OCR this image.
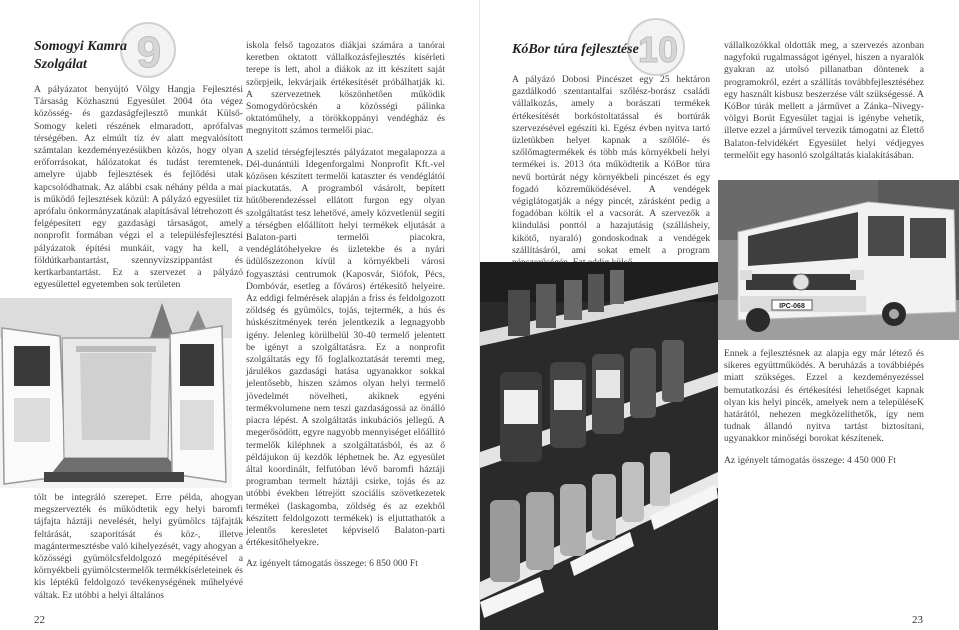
9
Somogyi Kamra
Szolgálat

A pályázatot benyújtó Völgy Hangja Fejlesztési Társaság Közhasznú Egyesület 2004 óta végez közösség- és gazdaságfejlesztő munkát Külső-Somogy keleti részének elmaradott, aprófalvas térségében. Az elmúlt tíz év alatt megvalósított számtalan kezdeményezésükben közös, hogy olyan erőforrásokat, hálózatokat és tudást teremtenek, amelyre újabb fejlesztések és fejlődési utak kapcsolódhatnak. Az alábbi csak néhány példa a mai is működő fejlesztések közül: A pályázó egyesület tíz aprófalu önkormányzatának alapításával létrehozott és felgépesített egy gazdasági társaságot, amely nonprofit formában végzi el a településfejlesztési pályázatok építési munkáit, vagy ha kell, a földútkarbantartást, szennyvízszippantást és kertkarbantartást. Ez a szervezet a pályázó egyesülettel egyetemben sok területen

tölt be integráló szerepet. Erre példa, ahogyan megszervezték és működtetik egy helyi baromfi tájfajta háztáji nevelését, helyi gyümölcs tájfajták feltárását, szaporítását és köz-, illetve magántermesztésbe való kihelyezését, vagy ahogyan a közösségi gyümölcsfeldolgozó megépítésével a környékbeli gyümölcstermelők termékkísérleteinek és kis léptékű feldolgozó tevékenységének műhelyévé váltak. Ez utóbbi a helyi általános

iskola felső tagozatos diákjai számára a tanórai keretben oktatott vállalkozásfejlesztés kísérleti terepe is lett, ahol a diákok az itt készített saját szörpjeik, lekvárjaik értékesítését próbálhatják ki. A szervezetnek köszönhetően működik Somogydöröcskén a közösségi pálinka oktatóműhely, a törökkoppányi vendégház és megnyitott számos termelői piac.

A szelíd térségfejlesztés pályázatot megalapozza a Dél-dunántúli Idegenforgalmi Nonprofit Kft.-vel közösen készített termelői kataszter és vendéglátói piackutatás. A programból vásárolt, bepített hűtőberendezéssel ellátott furgon egy olyan szolgáltatást tesz lehetővé, amely közvetlenül segíti a térségben előállított helyi termékek eljutását a Balaton-parti termelői piacokra, vendéglátóhelyekre és üzletekbe és a nyári üdülőszezonon kívül a környékbeli városi fogyasztási centrumok (Kaposvár, Siófok, Pécs, Dombóvár, esetleg a főváros) értékesítő helyeire. Az eddigi felmérések alapján a friss és feldolgozott zöldség és gyümölcs, tojás, tejtermék, a hús és húskészítmények terén jelentkezik a legnagyobb igény. Jelenleg körülbelül 30-40 termelő jelentett be igényt a szolgáltatásra. Ez a nonprofit szolgáltatás egy fő foglalkoztatását teremti meg, járulékos gazdasági hatása ugyanakkor sokkal jelentősebb, hiszen számos olyan helyi termelő jövedelmét növelheti, akiknek egyéni termékvolumene nem teszi gazdaságossá az önálló piacra lépést. A szolgáltatás inkubációs jellegű. A megerősödött, egyre nagyobb mennyiséget előállító termelők kiléphnek a szolgáltatásból, és az ő példájukon új kezdők léphetnek be. Az egyesület által koordinált, felfutóban lévő baromfi háztáji programban termelt háztáji csirke, tojás és az utóbbi években létrejött szociális szövetkezetek termékei (laskagomba, zöldség és az ezekből készített feldolgozott termékek) is eljuttathatók a jelentős keresletet képviselő Balaton-parti értékesítőhelyekre.

Az igényelt támogatás összege: 6 850 000 Ft

22
10
KóBor túra fejlesztése

A pályázó Dobosi Pincészet egy 25 hektáron gazdálkodó szentantalfai szőlész-borász családi vállalkozás, amely a borászati termékek értékesítését borkóstoltatással és bortúrák szervezésével egészíti ki. Egész évben nyitva tartó üzletükben helyet kapnak a szőlőlé- és szőlőmagtermékek és több más környékbeli helyi termékei is. 2013 óta működtetik a KóBor túra nevű bortúrát négy környékbeli pincészet és egy fogadó közreműködésével. A vendégek végiglátogatják a négy pincét, zárásként pedig a fogadóban költik el a vacsorát. A szervezők a kiindulási ponttól a hazajutásig (szállásheiy, kikötő, nyaraló) gondoskodnak a vendégek szállításáról, ami sokat emelt a program

vállalkozókkal oldották meg, a szervezés azonban nagyfokú rugalmasságot igényel, hiszen a nyaralók gyakran az utolsó pillanatban döntenek a programokról, ezért a szállítás továbbfejlesztéséhez egy használt kisbusz beszerzése vált szükségessé. A KóBor túrák mellett a járművet a Zánka–Nivegy-völgyi Borút Egyesület tagjai is igénybe vehetik, illetve ezzel a járművel tervezik támogatni az Élettő Balaton-felvidékért Egyesület helyi védjegyes termelőit egy hasonló szolgáltatás kialakításában.

IPC-068

Ennek a fejlesztésnek az alapja egy már létező és sikeres együttműködés. A beruházás a továbbiépés miatt szükséges. Ezzel a kezdeményezéssel bemutatkozási és értékesítési lehetőséget kapnak olyan kis helyi pincék, amelyek nem a településeK határától, nehezen megközelíthetők, így nem tudnak állandó nyitva tartást biztosítani, ugyanakkor minőségi borokat készítenek.

Az igényelt támogatás összege: 4 450 000 Ft

23
